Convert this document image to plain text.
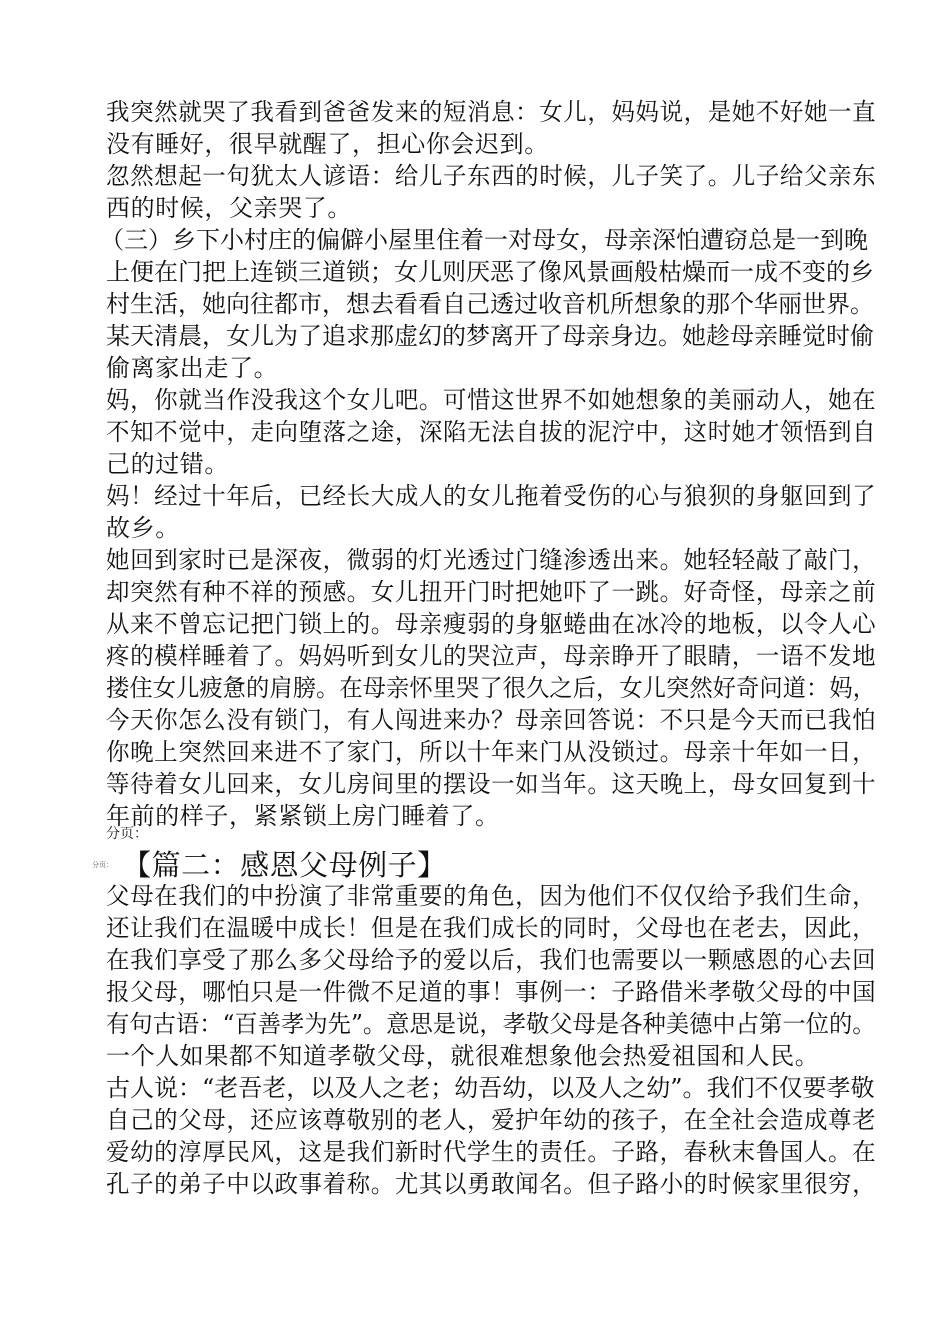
我突然就哭了我看到爸爸发来的短消息：女儿，妈妈说，是她不好她一直
没有睡好，很早就醒了，担心你会迟到。
忽然想起一句犹太人谚语：给儿子东西的时候，儿子笑了。儿子给父亲东
西的时候，父亲哭了。
（三）乡下小村庄的偏僻小屋里住着一对母女，母亲深怕遭窃总是一到晚
上便在门把上连锁三道锁；女儿则厌恶了像风景画般枯燥而一成不变的乡
村生活，她向往都市，想去看看自己透过收音机所想象的那个华丽世界。
某天清晨，女儿为了追求那虚幻的梦离开了母亲身边。她趁母亲睡觉时偷
偷离家出走了。
妈，你就当作没我这个女儿吧。可惜这世界不如她想象的美丽动人，她在
不知不觉中，走向堕落之途，深陷无法自拔的泥泞中，这时她才领悟到自
己的过错。
妈！经过十年后，已经长大成人的女儿拖着受伤的心与狼狈的身躯回到了
故乡。
她回到家时已是深夜，微弱的灯光透过门缝渗透出来。她轻轻敲了敲门，
却突然有种不祥的预感。女儿扭开门时把她吓了一跳。好奇怪，母亲之前
从来不曾忘记把门锁上的。母亲瘦弱的身躯蜷曲在冰冷的地板，以令人心
疼的模样睡着了。妈妈听到女儿的哭泣声，母亲睁开了眼睛，一语不发地
搂住女儿疲惫的肩膀。在母亲怀里哭了很久之后，女儿突然好奇问道：妈，
今天你怎么没有锁门，有人闯进来办？母亲回答说：不只是今天而已我怕
你晚上突然回来进不了家门，所以十年来门从没锁过。母亲十年如一日，
等待着女儿回来，女儿房间里的摆设一如当年。这天晚上，母女回复到十
年前的样子，紧紧锁上房门睡着了。
分页：
分页： 【篇二：感恩父母例子】
父母在我们的中扮演了非常重要的角色，因为他们不仅仅给予我们生命，
还让我们在温暖中成长！但是在我们成长的同时，父母也在老去，因此，
在我们享受了那么多父母给予的爱以后，我们也需要以一颗感恩的心去回
报父母，哪怕只是一件微不足道的事！事例一：子路借米孝敬父母的中国
有句古语：“百善孝为先”。意思是说，孝敬父母是各种美德中占第一位的。
一个人如果都不知道孝敬父母，就很难想象他会热爱祖国和人民。
古人说：“老吾老，以及人之老；幼吾幼，以及人之幼”。我们不仅要孝敬
自己的父母，还应该尊敬别的老人，爱护年幼的孩子，在全社会造成尊老
爱幼的淳厚民风，这是我们新时代学生的责任。子路，春秋末鲁国人。在
孔子的弟子中以政事着称。尤其以勇敢闻名。但子路小的时候家里很穷，
